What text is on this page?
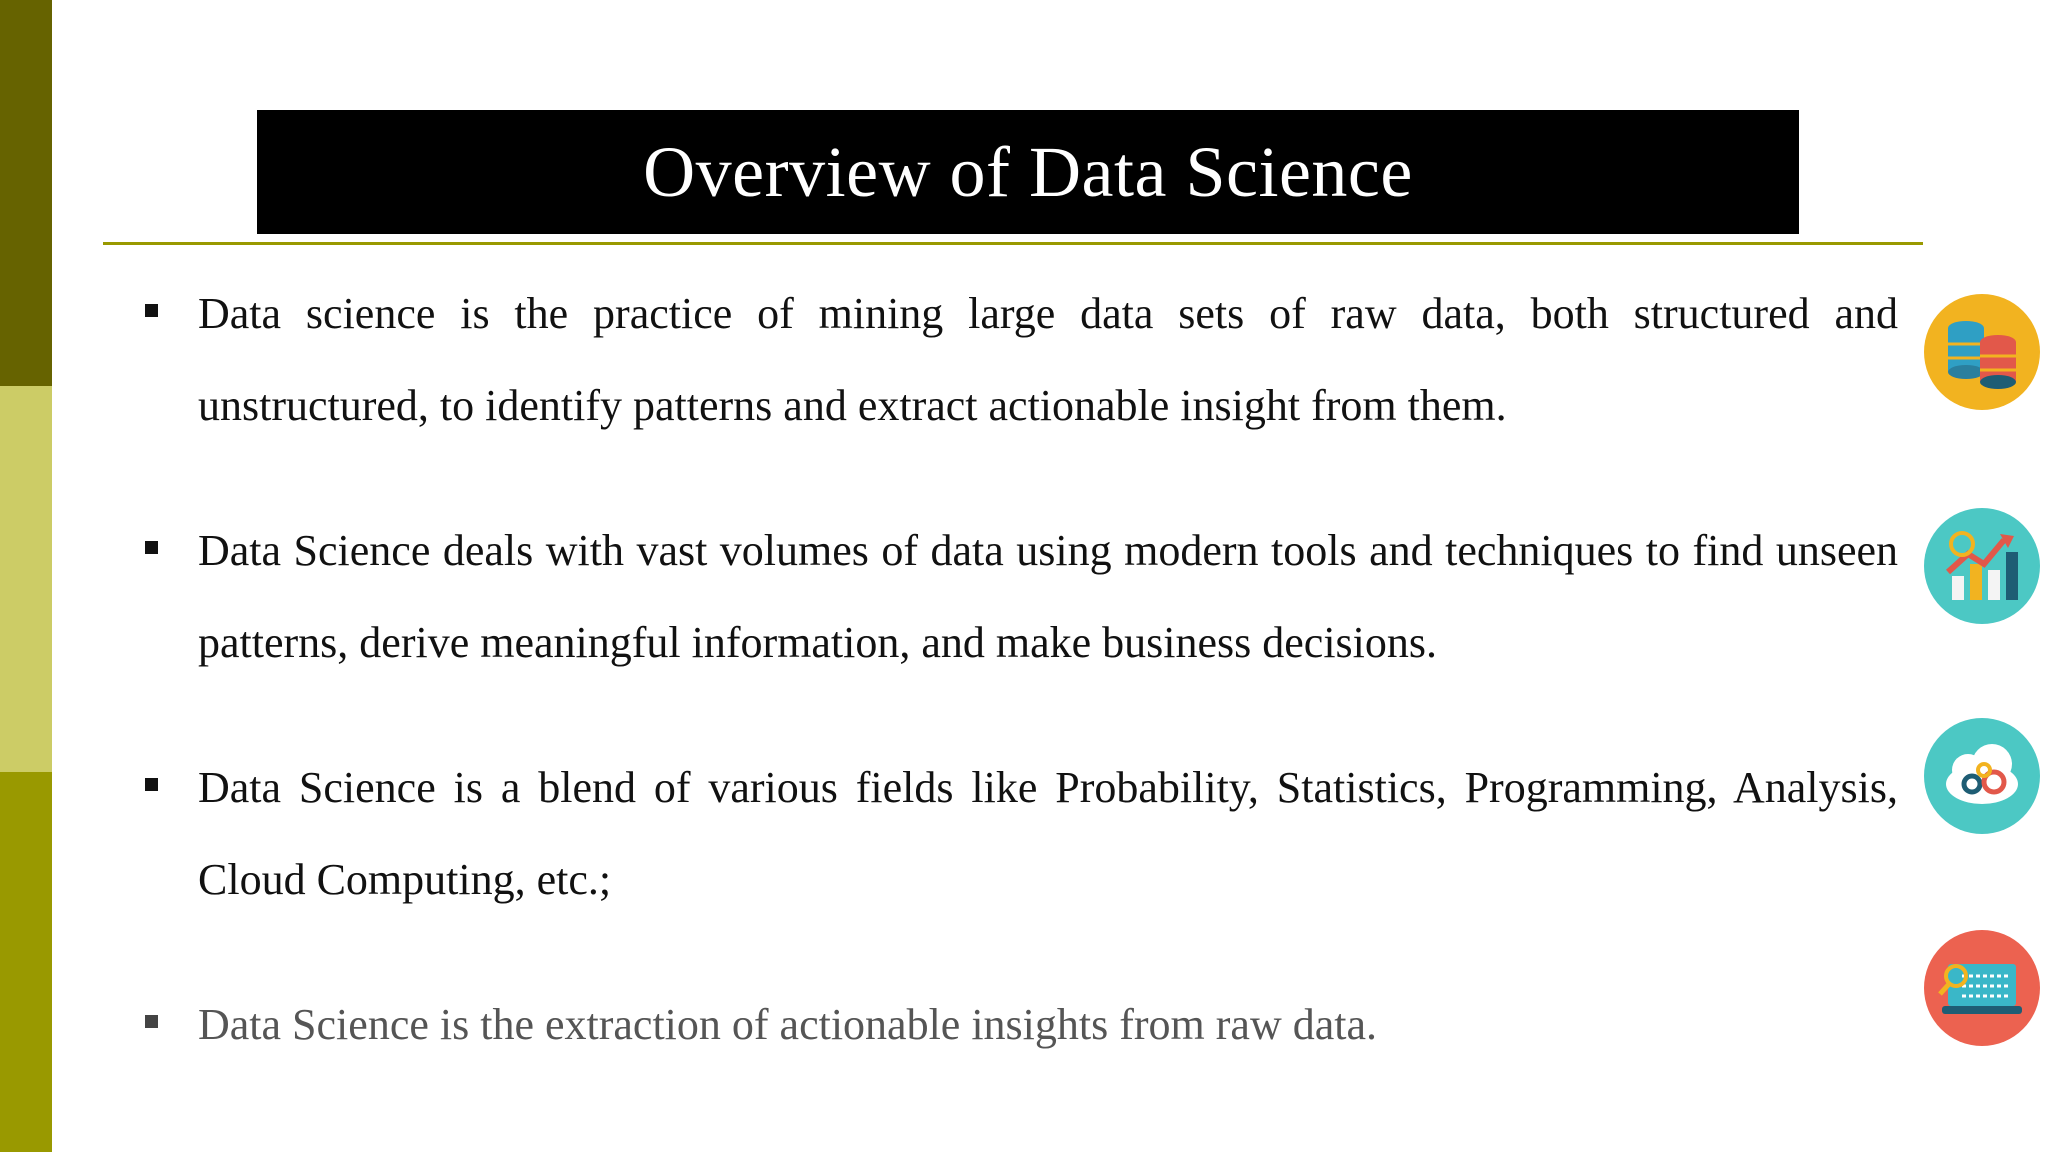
Overview of Data Science
Data science is the practice of mining large data sets of raw data, both structured and unstructured, to identify patterns and extract actionable insight from them.
Data Science deals with vast volumes of data using modern tools and techniques to find unseen patterns, derive meaningful information, and make business decisions.
Data Science is a blend of various fields like Probability, Statistics, Programming, Analysis, Cloud Computing, etc.;
Data Science is the extraction of actionable insights from raw data.
